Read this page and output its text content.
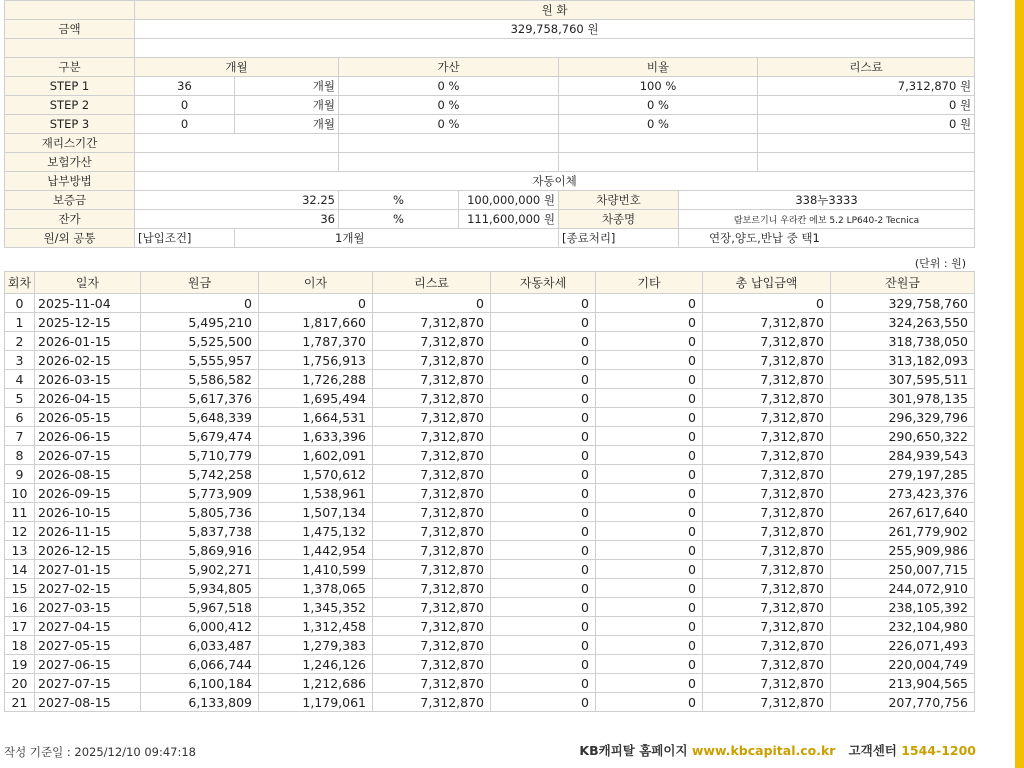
	원 화						
금액	329,758,760 원						

구분	개월		가산		비율		리스료
STEP 1	36	개월	0 %		100 %		7,312,870 원
STEP 2	0	개월	0 %		0 %		0 원
STEP 3	0	개월	0 %		0 %		0 원
재리스기간							
보험가산							
납부방법	자동이체						
보증금	32.25		%	100,000,000 원	차량번호	338누3333	
잔가	36		%	111,600,000 원	차종명	람보르기니 우라칸 에보 5.2 LP640-2 Tecnica	
원/외 공통	[납입조건]	1개월			[종료처리]	연장,양도,반납 중 택1	
(단위 : 원)
회차	일자	원금	이자	리스료	자동차세	기타	총 납입금액	잔원금
0	2025-11-04	0	0	0	0	0	0	329,758,760
1	2025-12-15	5,495,210	1,817,660	7,312,870	0	0	7,312,870	324,263,550
2	2026-01-15	5,525,500	1,787,370	7,312,870	0	0	7,312,870	318,738,050
3	2026-02-15	5,555,957	1,756,913	7,312,870	0	0	7,312,870	313,182,093
4	2026-03-15	5,586,582	1,726,288	7,312,870	0	0	7,312,870	307,595,511
5	2026-04-15	5,617,376	1,695,494	7,312,870	0	0	7,312,870	301,978,135
6	2026-05-15	5,648,339	1,664,531	7,312,870	0	0	7,312,870	296,329,796
7	2026-06-15	5,679,474	1,633,396	7,312,870	0	0	7,312,870	290,650,322
8	2026-07-15	5,710,779	1,602,091	7,312,870	0	0	7,312,870	284,939,543
9	2026-08-15	5,742,258	1,570,612	7,312,870	0	0	7,312,870	279,197,285
10	2026-09-15	5,773,909	1,538,961	7,312,870	0	0	7,312,870	273,423,376
11	2026-10-15	5,805,736	1,507,134	7,312,870	0	0	7,312,870	267,617,640
12	2026-11-15	5,837,738	1,475,132	7,312,870	0	0	7,312,870	261,779,902
13	2026-12-15	5,869,916	1,442,954	7,312,870	0	0	7,312,870	255,909,986
14	2027-01-15	5,902,271	1,410,599	7,312,870	0	0	7,312,870	250,007,715
15	2027-02-15	5,934,805	1,378,065	7,312,870	0	0	7,312,870	244,072,910
16	2027-03-15	5,967,518	1,345,352	7,312,870	0	0	7,312,870	238,105,392
17	2027-04-15	6,000,412	1,312,458	7,312,870	0	0	7,312,870	232,104,980
18	2027-05-15	6,033,487	1,279,383	7,312,870	0	0	7,312,870	226,071,493
19	2027-06-15	6,066,744	1,246,126	7,312,870	0	0	7,312,870	220,004,749
20	2027-07-15	6,100,184	1,212,686	7,312,870	0	0	7,312,870	213,904,565
21	2027-08-15	6,133,809	1,179,061	7,312,870	0	0	7,312,870	207,770,756
작성 기준일 : 2025/12/10 09:47:18	KB캐피탈 홈페이지 www.kbcapital.co.kr 고객센터 1544-1200
